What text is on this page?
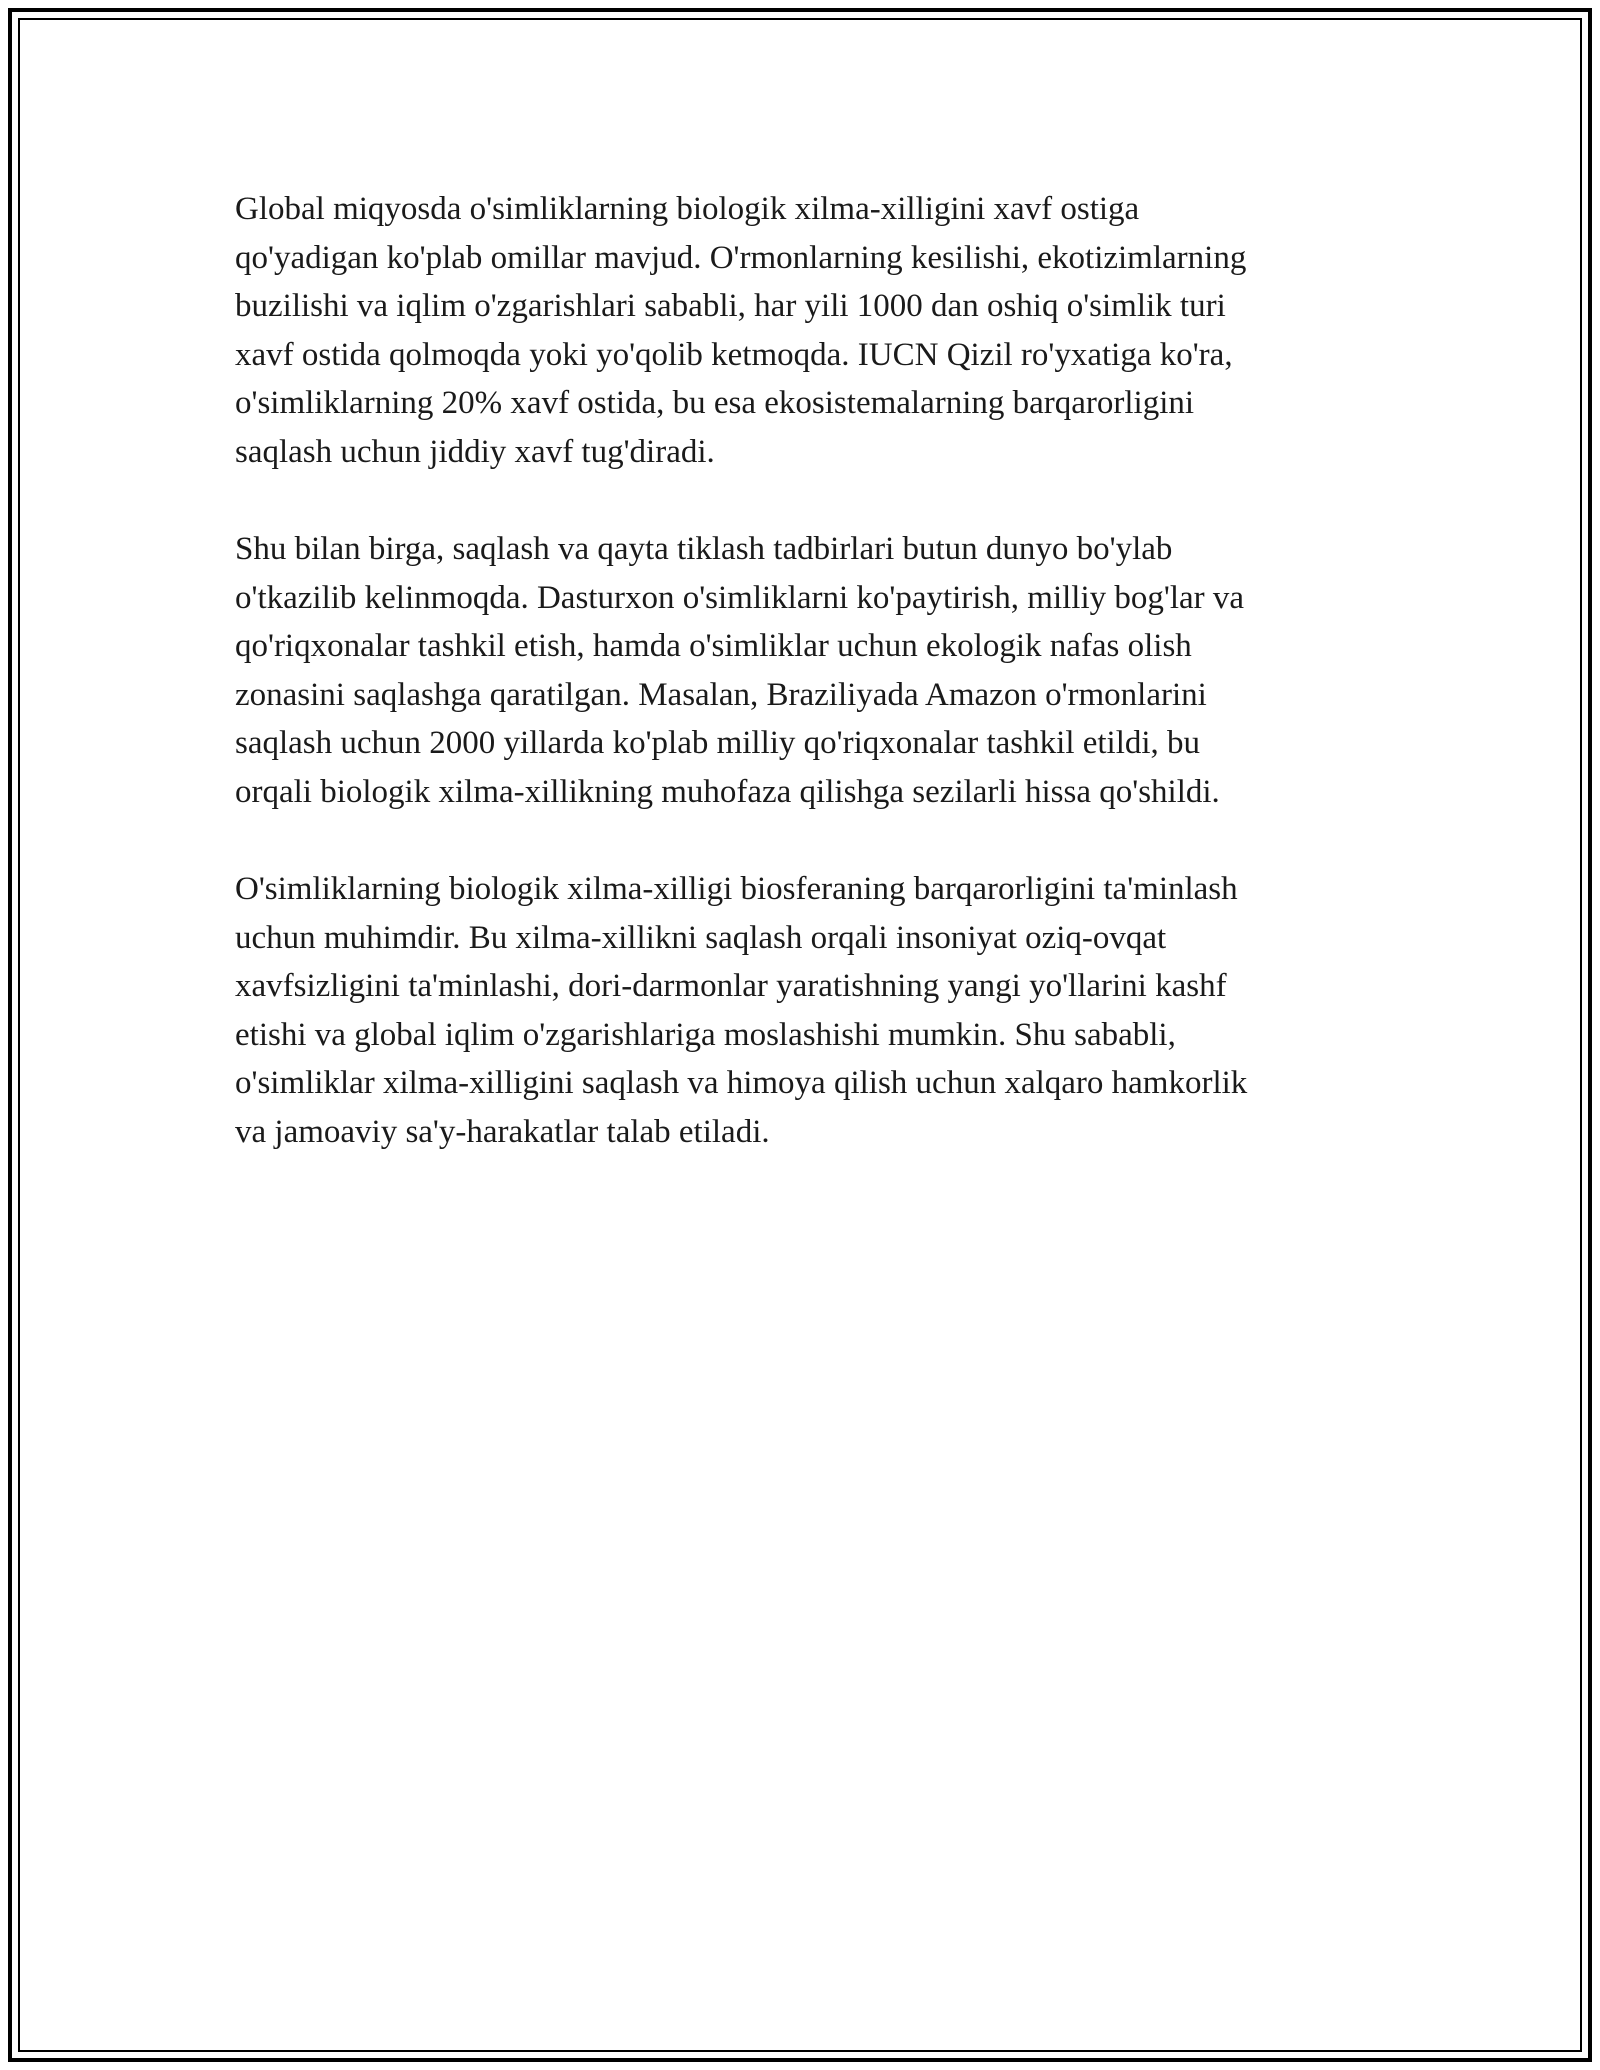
Global miqyosda o'simliklarning biologik xilma-xilligini xavf ostiga
qo'yadigan ko'plab omillar mavjud. O'rmonlarning kesilishi, ekotizimlarning
buzilishi va iqlim o'zgarishlari sababli, har yili 1000 dan oshiq o'simlik turi
xavf ostida qolmoqda yoki yo'qolib ketmoqda. IUCN Qizil ro'yxatiga ko'ra,
o'simliklarning 20% xavf ostida, bu esa ekosistemalarning barqarorligini
saqlash uchun jiddiy xavf tug'diradi.

Shu bilan birga, saqlash va qayta tiklash tadbirlari butun dunyo bo'ylab
o'tkazilib kelinmoqda. Dasturxon o'simliklarni ko'paytirish, milliy bog'lar va
qo'riqxonalar tashkil etish, hamda o'simliklar uchun ekologik nafas olish
zonasini saqlashga qaratilgan. Masalan, Braziliyada Amazon o'rmonlarini
saqlash uchun 2000 yillarda ko'plab milliy qo'riqxonalar tashkil etildi, bu
orqali biologik xilma-xillikning muhofaza qilishga sezilarli hissa qo'shildi.

O'simliklarning biologik xilma-xilligi biosferaning barqarorligini ta'minlash
uchun muhimdir. Bu xilma-xillikni saqlash orqali insoniyat oziq-ovqat
xavfsizligini ta'minlashi, dori-darmonlar yaratishning yangi yo'llarini kashf
etishi va global iqlim o'zgarishlariga moslashishi mumkin. Shu sababli,
o'simliklar xilma-xilligini saqlash va himoya qilish uchun xalqaro hamkorlik
va jamoaviy sa'y-harakatlar talab etiladi.
